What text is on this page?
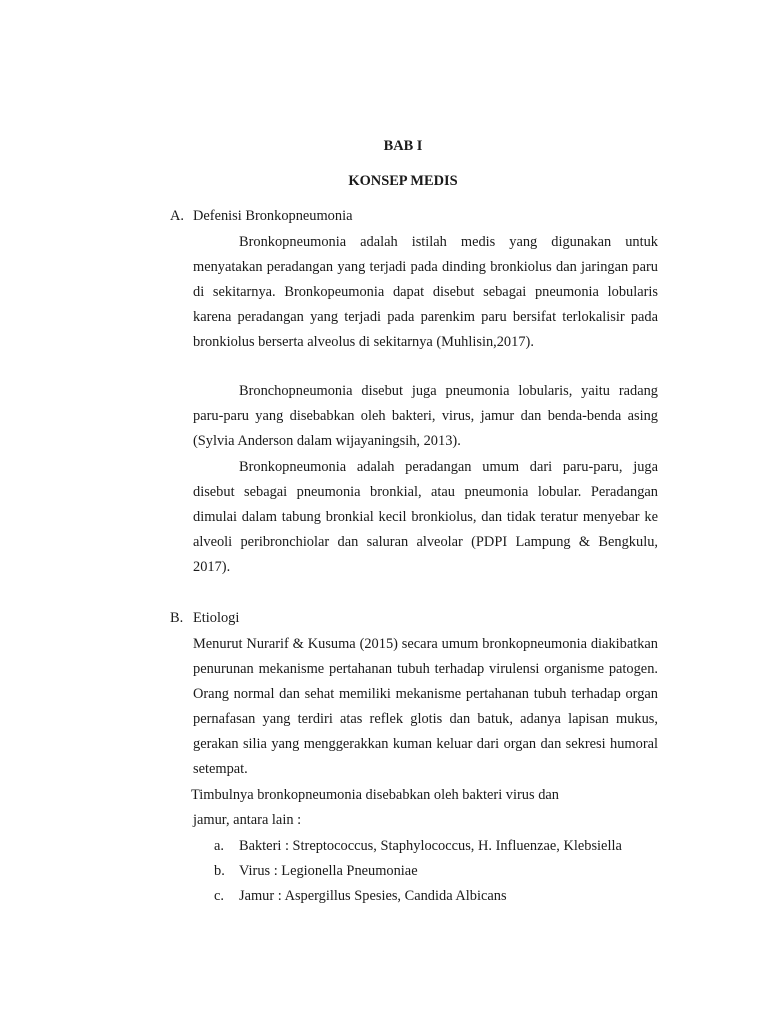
BAB I
KONSEP MEDIS
A. Defenisi Bronkopneumonia

Bronkopneumonia adalah istilah medis yang digunakan untuk menyatakan peradangan yang terjadi pada dinding bronkiolus dan jaringan paru di sekitarnya. Bronkopeumonia dapat disebut sebagai pneumonia lobularis karena peradangan yang terjadi pada parenkim paru bersifat terlokalisir pada bronkiolus berserta alveolus di sekitarnya (Muhlisin,2017).

Bronchopneumonia disebut juga pneumonia lobularis, yaitu radang paru-paru yang disebabkan oleh bakteri, virus, jamur dan benda-benda asing (Sylvia Anderson dalam wijayaningsih, 2013).

Bronkopneumonia adalah peradangan umum dari paru-paru, juga disebut sebagai pneumonia bronkial, atau pneumonia lobular. Peradangan dimulai dalam tabung bronkial kecil bronkiolus, dan tidak teratur menyebar ke alveoli peribronchiolar dan saluran alveolar (PDPI Lampung & Bengkulu, 2017).

B. Etiologi

Menurut Nurarif & Kusuma (2015) secara umum bronkopneumonia diakibatkan penurunan mekanisme pertahanan tubuh terhadap virulensi organisme patogen. Orang normal dan sehat memiliki mekanisme pertahanan tubuh terhadap organ pernafasan yang terdiri atas reflek glotis dan batuk, adanya lapisan mukus, gerakan silia yang menggerakkan kuman keluar dari organ dan sekresi humoral setempat.

Timbulnya bronkopneumonia disebabkan oleh bakteri virus dan
jamur, antara lain :
a. Bakteri : Streptococcus, Staphylococcus, H. Influenzae, Klebsiella
b. Virus : Legionella Pneumoniae
c. Jamur : Aspergillus Spesies, Candida Albicans
